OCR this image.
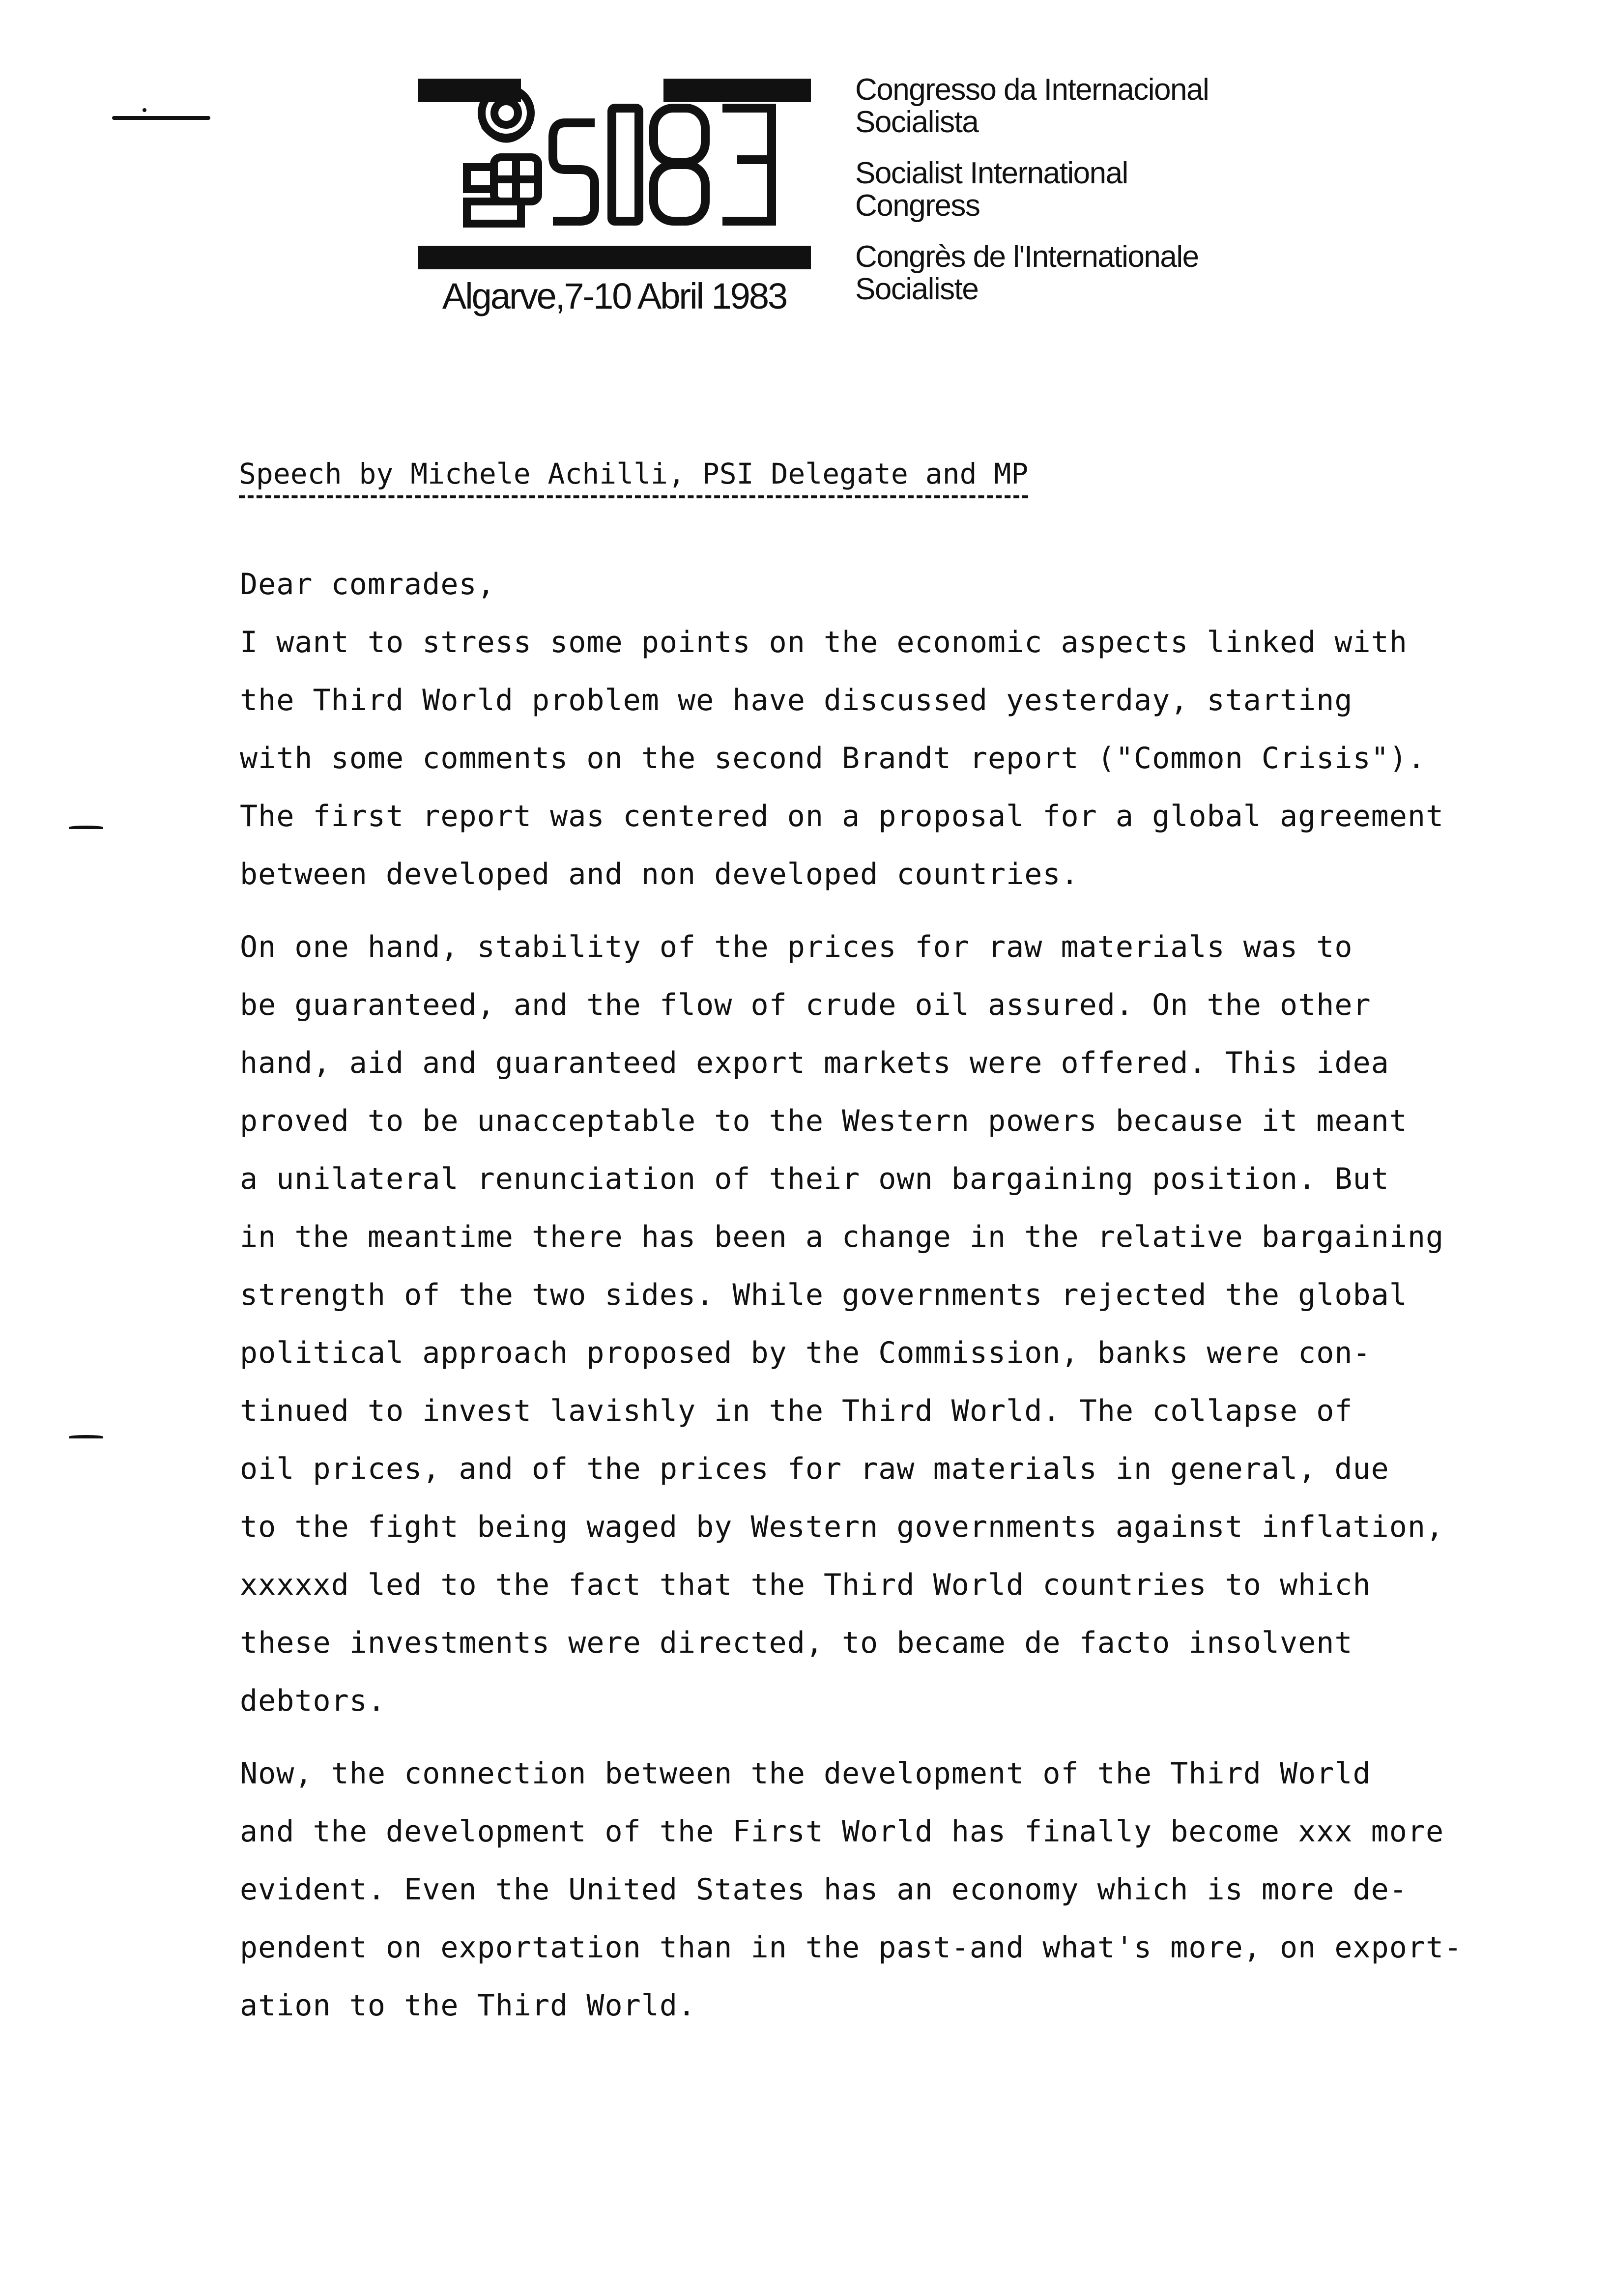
Algarve,7-10 Abril 1983
Congresso da Internacional
Socialista
Socialist International
Congress
Congrès de l'Internationale
Socialiste
Speech by Michele Achilli, PSI Delegate and MP
Dear comrades,
I want to stress some points on the economic aspects linked with
the Third World problem we have discussed yesterday, starting
with some comments on the second Brandt report ("Common Crisis").
The first report was centered on a proposal for a global agreement
between developed and non developed countries.
On one hand, stability of the prices for raw materials was to
be guaranteed, and the flow of crude oil assured. On the other
hand, aid and guaranteed export markets were offered. This idea
proved to be unacceptable to the Western powers because it meant
a unilateral renunciation of their own bargaining position. But
in the meantime there has been a change in the relative bargaining
strength of the two sides. While governments rejected the global
political approach proposed by the Commission, banks were con-
tinued to invest lavishly in the Third World. The collapse of
oil prices, and of the prices for raw materials in general, due
to the fight being waged by Western governments against inflation,
xxxxxd led to the fact that the Third World countries to which
these investments were directed, to became de facto insolvent
debtors.
Now, the connection between the development of the Third World
and the development of the First World has finally become xxx more
evident. Even the United States has an economy which is more de-
pendent on exportation than in the past-and what's more, on export-
ation to the Third World.
